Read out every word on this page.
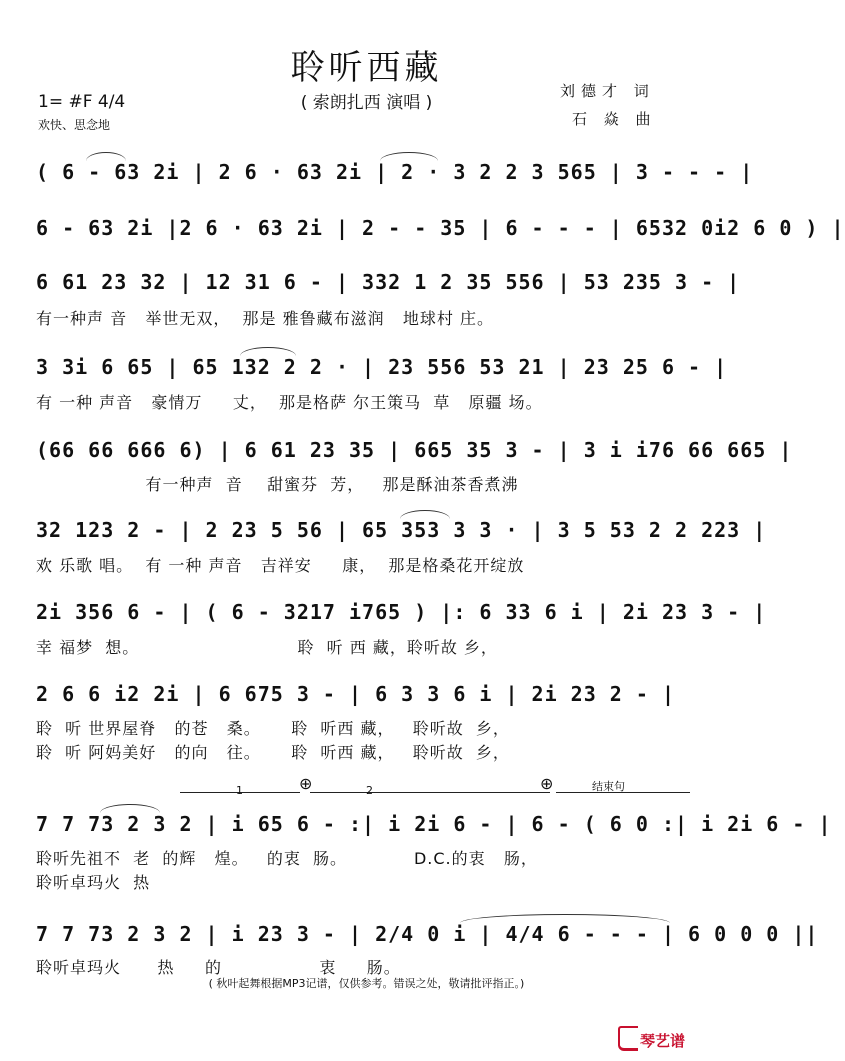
聆听西藏
( 索朗扎西 演唱 )
1= #F 4/4
欢快、思念地
刘德才 词
石 焱 曲
( 6 - 63 2i | 2 6 · 63 2i | 2 · 3 2 2 3 565 | 3 - - - |
6 - 63 2i |2 6 · 63 2i | 2 - - 35 | 6 - - - | 6532 0i2 6 0 ) |
6 61 23 32 | 12 31 6 - | 332 1 2 35 556 | 53 235 3 - |
有一种声 音   举世无双，  那是 雅鲁藏布滋润   地球村 庄。
3 3i 6 65 | 65 132 2 2 · | 23 556 53 21 | 23 25 6 - |
有 一种 声音   豪情万     丈，  那是格萨 尔王策马  草   原疆 场。
(66 66 666 6) | 6 61 23 35 | 665 35 3 - | 3 i i76 66 665 |
有一种声  音    甜蜜芬  芳，   那是酥油茶香煮沸
32 123 2 - | 2 23 5 56 | 65 353 3 3 · | 3 5 53 2 2 223 |
欢 乐歌 唱。  有 一种 声音   吉祥安     康，  那是格桑花开绽放
2i 356 6 - | ( 6 - 3217 i765 ) |: 6 33 6 i | 2i 23 3 - |
幸 福梦  想。                          聆  听 西 藏，聆听故 乡，
2 6 6 i2 2i | 6 675 3 - | 6 3 3 6 i | 2i 23 2 - |
聆  听 世界屋脊   的苍   桑。     聆  听西 藏，   聆听故  乡，
聆  听 阿妈美好   的向   往。     聆  听西 藏，   聆听故  乡，
1	2	结束句
⊕	⊕
7 7 73 2 3 2 | i 65 6 - :| i 2i 6 - | 6 - ( 6 0 :| i 2i 6 - |
聆听先祖不  老  的辉   煌。   的衷  肠。           D.C.的衷   肠，
聆听卓玛火  热
7 7 73 2 3 2 | i 23 3 - | 2/4 0 i | 4/4 6 - - - | 6 0 0 0 ||
聆听卓玛火      热     的                衷     肠。
( 秋叶起舞根据MP3记谱，仅供参考。错误之处，敬请批评指正。)
琴艺谱
